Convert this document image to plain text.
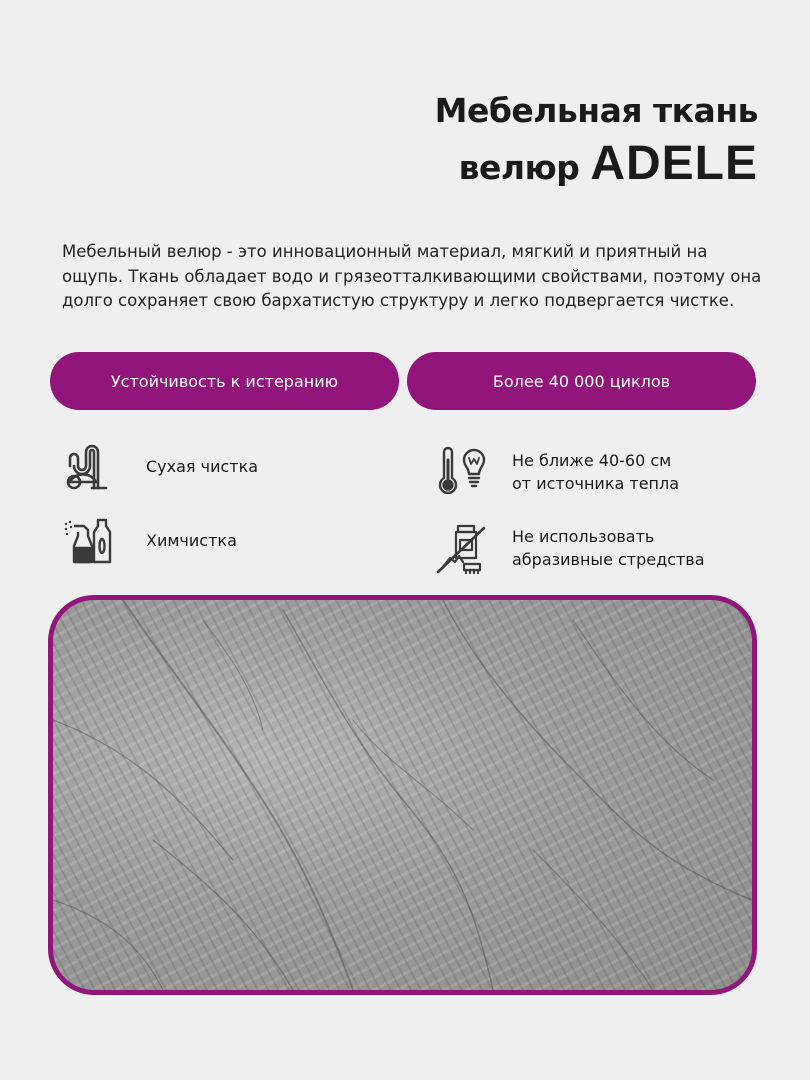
Мебельная ткань
велюр ADELE
Мебельный велюр - это инновационный материал, мягкий и приятный на ощупь. Ткань обладает водо и грязеотталкивающими свойствами, поэтому она долго сохраняет свою бархатистую структуру и легко подвергается чистке.
Устойчивость к истеранию	Более 40 000 циклов
Сухая чистка
Химчистка
Не ближе 40-60 см
от источника тепла
Не использовать
абразивные стредства
